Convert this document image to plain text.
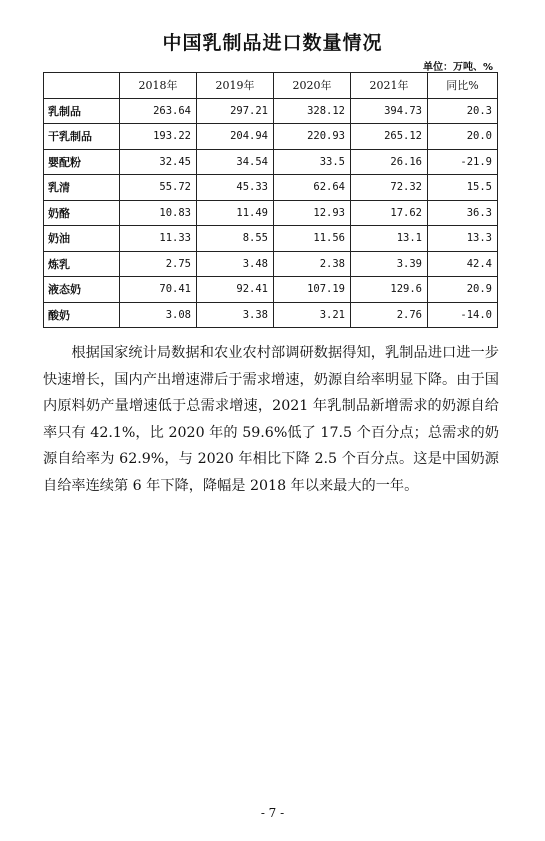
中国乳制品进口数量情况
单位：万吨、%
	2018年	2019年	2020年	2021年	同比%
乳制品	263.64	297.21	328.12	394.73	20.3
干乳制品	193.22	204.94	220.93	265.12	20.0
婴配粉	32.45	34.54	33.5	26.16	-21.9
乳清	55.72	45.33	62.64	72.32	15.5
奶酪	10.83	11.49	12.93	17.62	36.3
奶油	11.33	8.55	11.56	13.1	13.3
炼乳	2.75	3.48	2.38	3.39	42.4
液态奶	70.41	92.41	107.19	129.6	20.9
酸奶	3.08	3.38	3.21	2.76	-14.0

根据国家统计局数据和农业农村部调研数据得知，乳制品进口进一步快速增长，国内产出增速滞后于需求增速，奶源自给率明显下降。由于国内原料奶产量增速低于总需求增速，2021 年乳制品新增需求的奶源自给率只有 42.1%，比 2020 年的 59.6%低了 17.5 个百分点；总需求的奶源自给率为 62.9%，与 2020 年相比下降 2.5 个百分点。这是中国奶源自给率连续第 6 年下降，降幅是 2018 年以来最大的一年。

- 7 -
